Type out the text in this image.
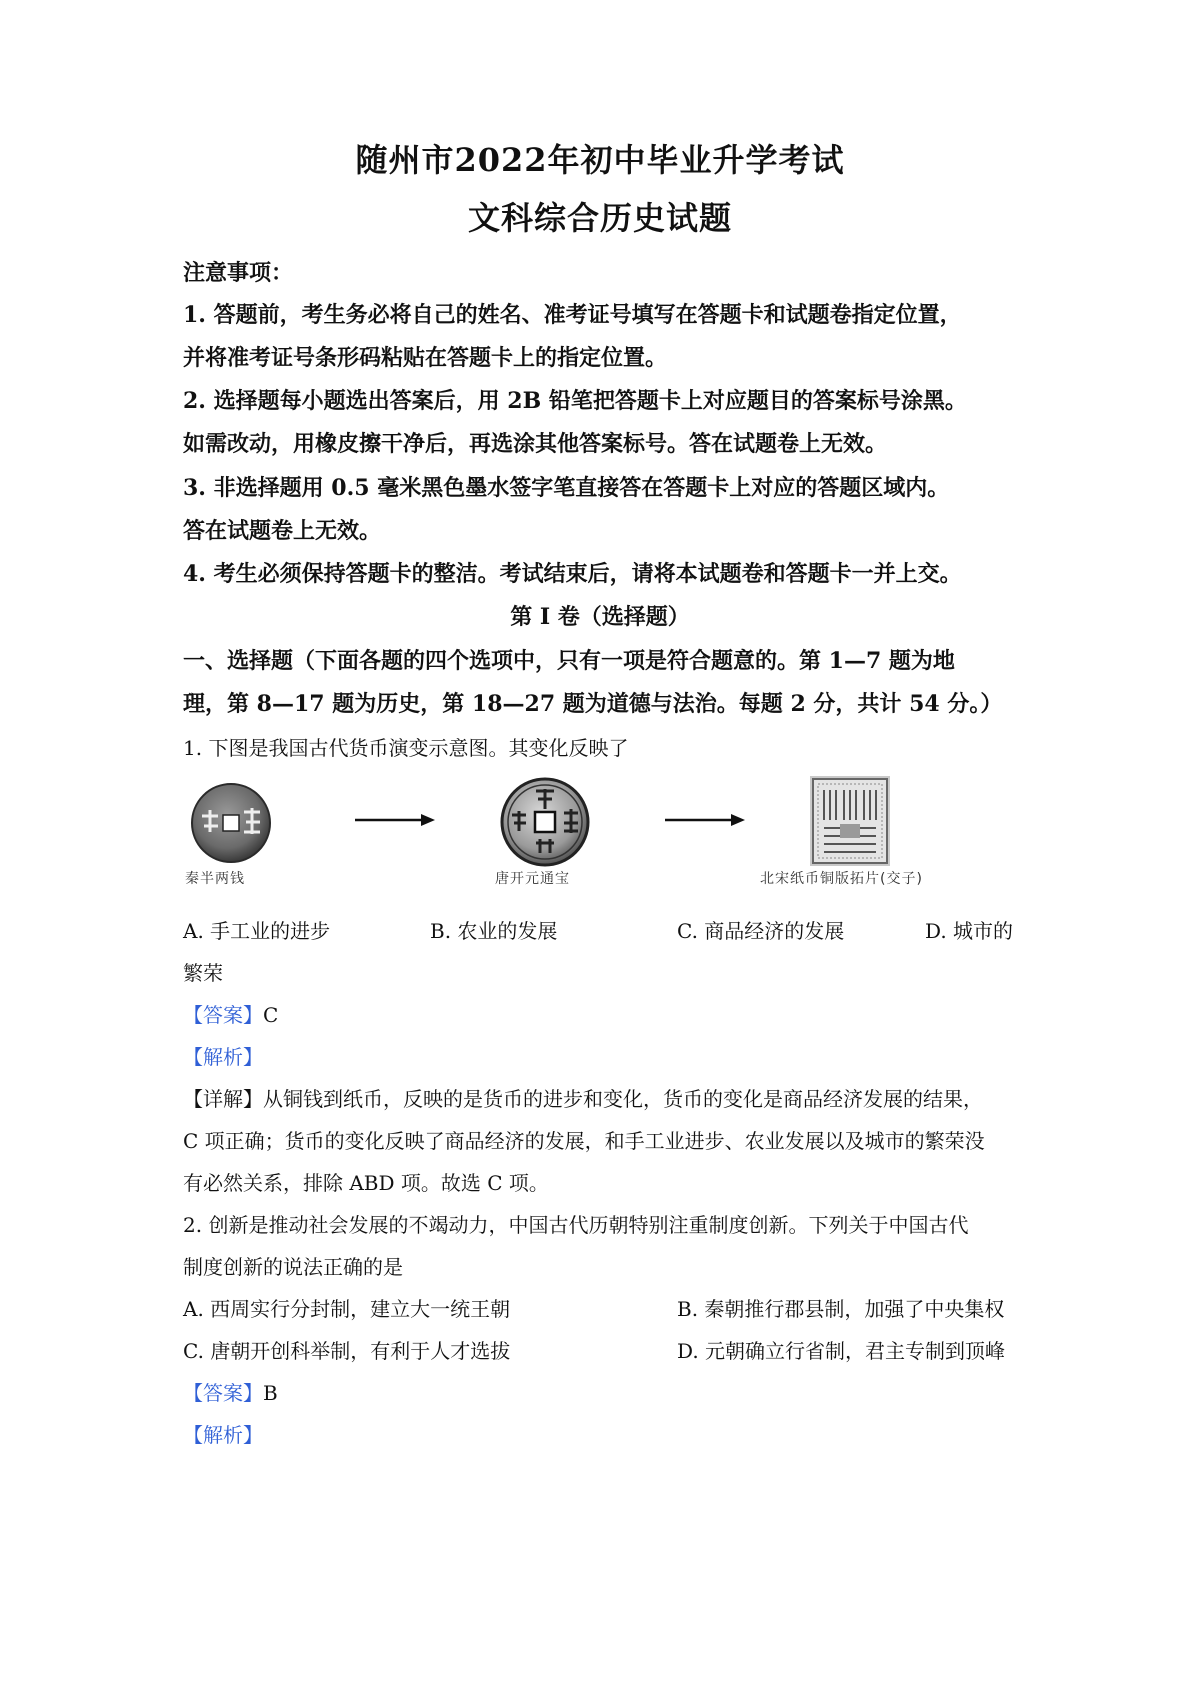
随州市2022年初中毕业升学考试
文科综合历史试题
注意事项：
1. 答题前，考生务必将自己的姓名、准考证号填写在答题卡和试题卷指定位置，
并将准考证号条形码粘贴在答题卡上的指定位置。
2. 选择题每小题选出答案后，用 2B 铅笔把答题卡上对应题目的答案标号涂黑。
如需改动，用橡皮擦干净后，再选涂其他答案标号。答在试题卷上无效。
3. 非选择题用 0.5 毫米黑色墨水签字笔直接答在答题卡上对应的答题区域内。
答在试题卷上无效。
4. 考生必须保持答题卡的整洁。考试结束后，请将本试题卷和答题卡一并上交。
第 I 卷（选择题）
一、选择题（下面各题的四个选项中，只有一项是符合题意的。第 1—7 题为地
理，第 8—17 题为历史，第 18—27 题为道德与法治。每题 2 分，共计 54 分。）
1. 下图是我国古代货币演变示意图。其变化反映了
秦半两钱	唐开元通宝	北宋纸币铜版拓片(交子)
A. 手工业的进步	B. 农业的发展	C. 商品经济的发展	D. 城市的
繁荣
【答案】C
【解析】
【详解】从铜钱到纸币，反映的是货币的进步和变化，货币的变化是商品经济发展的结果，
C 项正确；货币的变化反映了商品经济的发展，和手工业进步、农业发展以及城市的繁荣没
有必然关系，排除 ABD 项。故选 C 项。
2. 创新是推动社会发展的不竭动力，中国古代历朝特别注重制度创新。下列关于中国古代
制度创新的说法正确的是
A. 西周实行分封制，建立大一统王朝	B. 秦朝推行郡县制，加强了中央集权
C. 唐朝开创科举制，有利于人才选拔	D. 元朝确立行省制，君主专制到顶峰
【答案】B
【解析】
